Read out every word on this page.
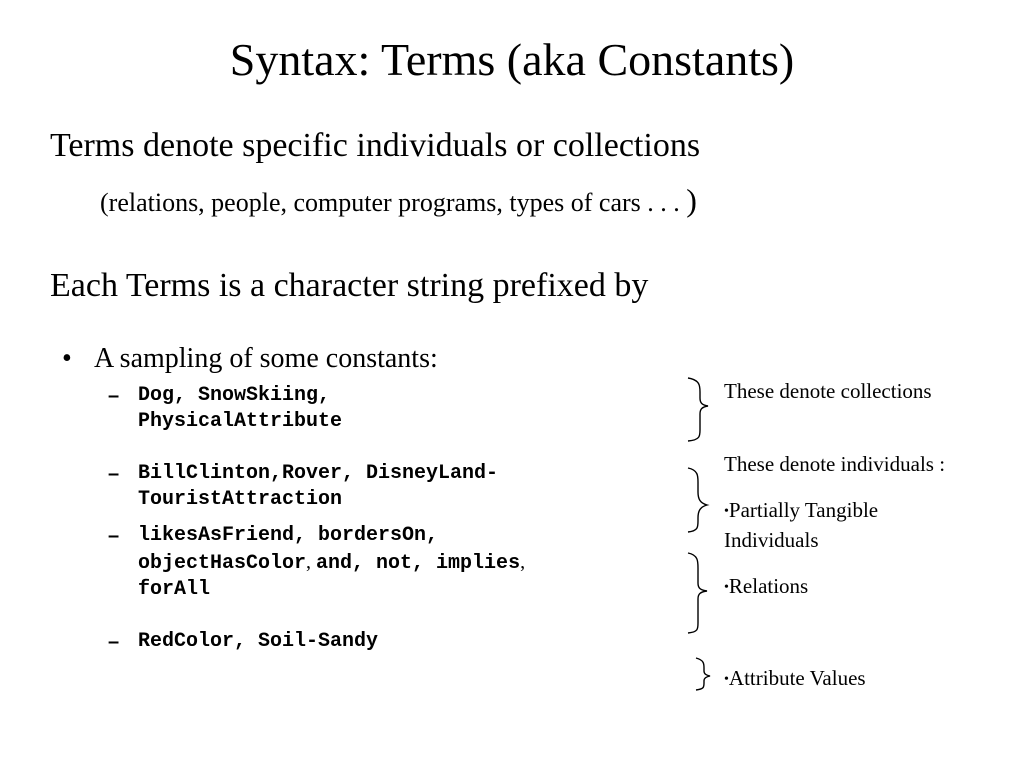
Syntax: Terms (aka Constants)
Terms denote specific individuals or collections
(relations, people, computer programs, types of cars . . . )
Each Terms is a character string prefixed by
• A sampling of some constants:
– Dog, SnowSkiing,
PhysicalAttribute
– BillClinton,Rover, DisneyLand-
TouristAttraction
– likesAsFriend, bordersOn,
objectHasColor, and, not, implies,
forAll
– RedColor, Soil-Sandy
These denote collections
These denote individuals :
•Partially Tangible
Individuals
•Relations
•Attribute Values
